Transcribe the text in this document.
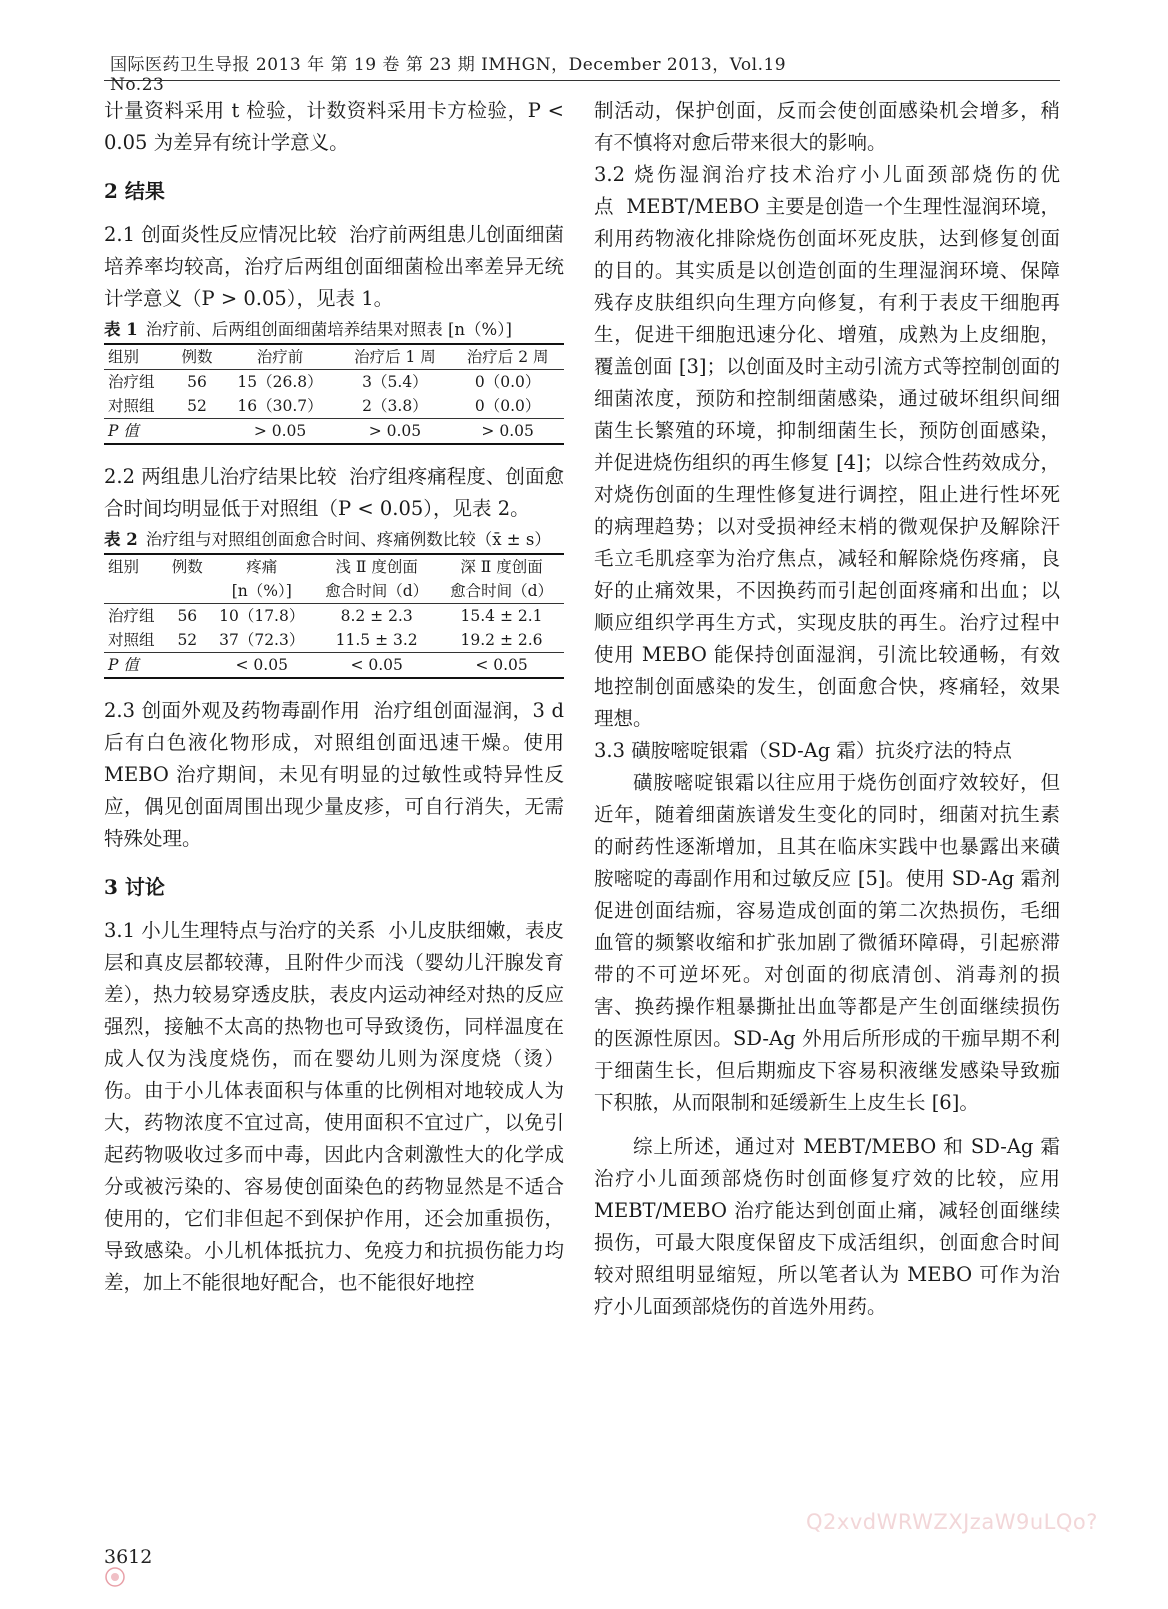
国际医药卫生导报 2013 年 第 19 卷 第 23 期 IMHGN，December 2013，Vol.19 No.23

计量资料采用 t 检验，计数资料采用卡方检验，P < 0.05 为差异有统计学意义。

2 结果

2.1 创面炎性反应情况比较 治疗前两组患儿创面细菌培养率均较高，治疗后两组创面细菌检出率差异无统计学意义（P > 0.05），见表 1。

表 1 治疗前、后两组创面细菌培养结果对照表 [n（%）]
组别	例数	治疗前	治疗后 1 周	治疗后 2 周
治疗组	56	15（26.8）	3（5.4）	0（0.0）
对照组	52	16（30.7）	2（3.8）	0（0.0）
P 值		> 0.05	> 0.05	> 0.05

2.2 两组患儿治疗结果比较 治疗组疼痛程度、创面愈合时间均明显低于对照组（P < 0.05），见表 2。

表 2 治疗组与对照组创面愈合时间、疼痛例数比较（x̄ ± s）
组别	例数	疼痛	浅 Ⅱ 度创面	深 Ⅱ 度创面
		[n（%）]	愈合时间（d）	愈合时间（d）
治疗组	56	10（17.8）	8.2 ± 2.3	15.4 ± 2.1
对照组	52	37（72.3）	11.5 ± 3.2	19.2 ± 2.6
P 值		< 0.05	< 0.05	< 0.05

2.3 创面外观及药物毒副作用 治疗组创面湿润，3 d 后有白色液化物形成，对照组创面迅速干燥。使用 MEBO 治疗期间，未见有明显的过敏性或特异性反应，偶见创面周围出现少量皮疹，可自行消失，无需特殊处理。

3 讨论

3.1 小儿生理特点与治疗的关系 小儿皮肤细嫩，表皮层和真皮层都较薄，且附件少而浅（婴幼儿汗腺发育差），热力较易穿透皮肤，表皮内运动神经对热的反应强烈，接触不太高的热物也可导致烫伤，同样温度在成人仅为浅度烧伤，而在婴幼儿则为深度烧（烫）伤。由于小儿体表面积与体重的比例相对地较成人为大，药物浓度不宜过高，使用面积不宜过广，以免引起药物吸收过多而中毒，因此内含刺激性大的化学成分或被污染的、容易使创面染色的药物显然是不适合使用的，它们非但起不到保护作用，还会加重损伤，导致感染。小儿机体抵抗力、免疫力和抗损伤能力均差，加上不能很地好配合，也不能很好地控

制活动，保护创面，反而会使创面感染机会增多，稍有不慎将对愈后带来很大的影响。

3.2 烧伤湿润治疗技术治疗小儿面颈部烧伤的优点 MEBT/MEBO 主要是创造一个生理性湿润环境，利用药物液化排除烧伤创面坏死皮肤，达到修复创面的目的。其实质是以创造创面的生理湿润环境、保障残存皮肤组织向生理方向修复，有利于表皮干细胞再生，促进干细胞迅速分化、增殖，成熟为上皮细胞，覆盖创面 [3]；以创面及时主动引流方式等控制创面的细菌浓度，预防和控制细菌感染，通过破坏组织间细菌生长繁殖的环境，抑制细菌生长，预防创面感染，并促进烧伤组织的再生修复 [4]；以综合性药效成分，对烧伤创面的生理性修复进行调控，阻止进行性坏死的病理趋势；以对受损神经末梢的微观保护及解除汗毛立毛肌痉挛为治疗焦点，减轻和解除烧伤疼痛，良好的止痛效果，不因换药而引起创面疼痛和出血；以顺应组织学再生方式，实现皮肤的再生。治疗过程中使用 MEBO 能保持创面湿润，引流比较通畅，有效地控制创面感染的发生，创面愈合快，疼痛轻，效果理想。

3.3 磺胺嘧啶银霜（SD-Ag 霜）抗炎疗法的特点

磺胺嘧啶银霜以往应用于烧伤创面疗效较好，但近年，随着细菌族谱发生变化的同时，细菌对抗生素的耐药性逐渐增加，且其在临床实践中也暴露出来磺胺嘧啶的毒副作用和过敏反应 [5]。使用 SD-Ag 霜剂促进创面结痂，容易造成创面的第二次热损伤，毛细血管的频繁收缩和扩张加剧了微循环障碍，引起瘀滞带的不可逆坏死。对创面的彻底清创、消毒剂的损害、换药操作粗暴撕扯出血等都是产生创面继续损伤的医源性原因。SD-Ag 外用后所形成的干痂早期不利于细菌生长，但后期痂皮下容易积液继发感染导致痂下积脓，从而限制和延缓新生上皮生长 [6]。

综上所述，通过对 MEBT/MEBO 和 SD-Ag 霜治疗小儿面颈部烧伤时创面修复疗效的比较，应用 MEBT/MEBO 治疗能达到创面止痛，减轻创面继续损伤，可最大限度保留皮下成活组织，创面愈合时间较对照组明显缩短，所以笔者认为 MEBO 可作为治疗小儿面颈部烧伤的首选外用药。

3612
Q2xvdWRWZXJzaW9uLQo?
